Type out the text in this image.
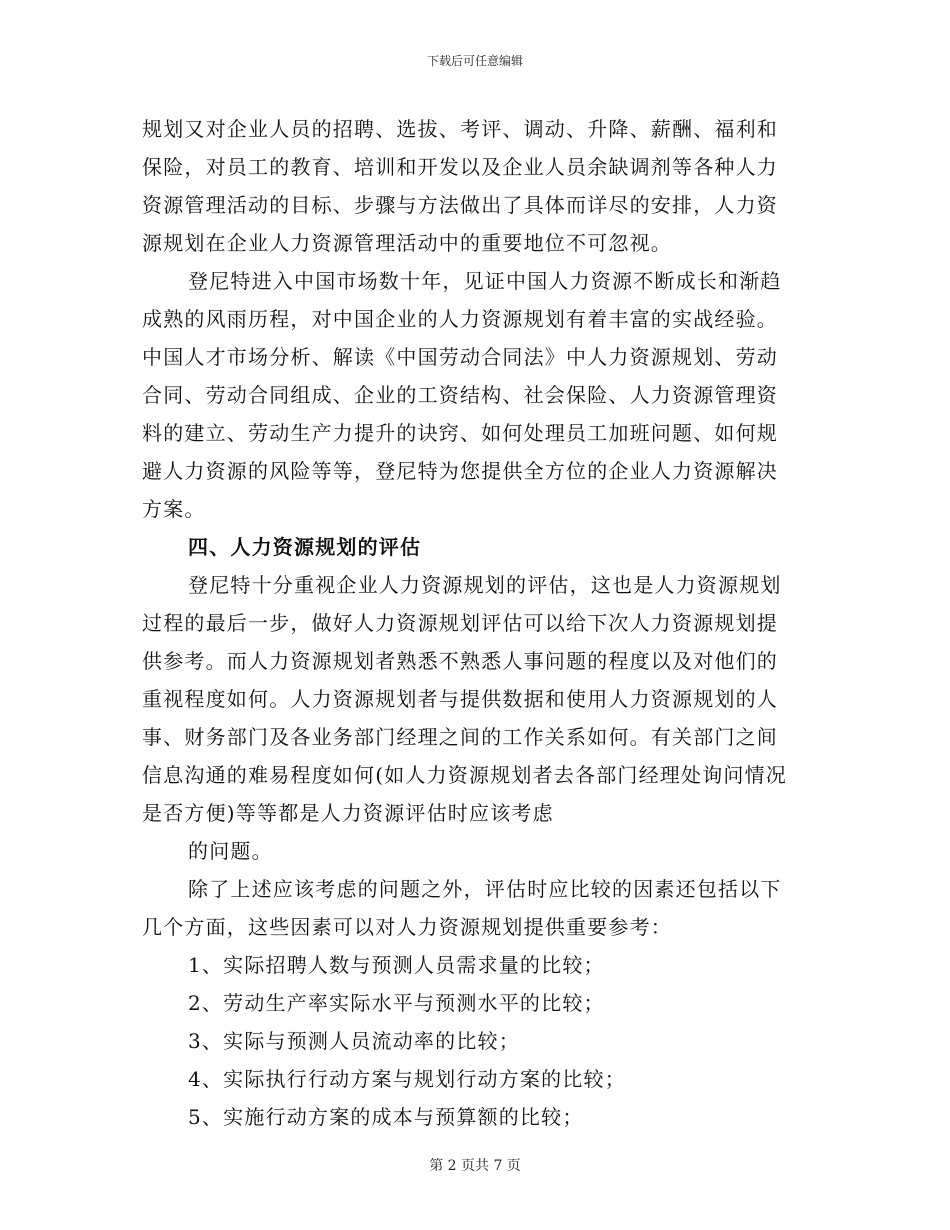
下载后可任意编辑
规划又对企业人员的招聘、选拔、考评、调动、升降、薪酬、福利和
保险，对员工的教育、培训和开发以及企业人员余缺调剂等各种人力
资源管理活动的目标、步骤与方法做出了具体而详尽的安排，人力资
源规划在企业人力资源管理活动中的重要地位不可忽视。
登尼特进入中国市场数十年，见证中国人力资源不断成长和渐趋
成熟的风雨历程，对中国企业的人力资源规划有着丰富的实战经验。
中国人才市场分析、解读《中国劳动合同法》中人力资源规划、劳动
合同、劳动合同组成、企业的工资结构、社会保险、人力资源管理资
料的建立、劳动生产力提升的诀窍、如何处理员工加班问题、如何规
避人力资源的风险等等，登尼特为您提供全方位的企业人力资源解决
方案。
四、人力资源规划的评估
登尼特十分重视企业人力资源规划的评估，这也是人力资源规划
过程的最后一步，做好人力资源规划评估可以给下次人力资源规划提
供参考。而人力资源规划者熟悉不熟悉人事问题的程度以及对他们的
重视程度如何。人力资源规划者与提供数据和使用人力资源规划的人
事、财务部门及各业务部门经理之间的工作关系如何。有关部门之间
信息沟通的难易程度如何(如人力资源规划者去各部门经理处询问情况
是否方便)等等都是人力资源评估时应该考虑
的问题。
除了上述应该考虑的问题之外，评估时应比较的因素还包括以下
几个方面，这些因素可以对人力资源规划提供重要参考：
1、实际招聘人数与预测人员需求量的比较；
2、劳动生产率实际水平与预测水平的比较；
3、实际与预测人员流动率的比较；
4、实际执行行动方案与规划行动方案的比较；
5、实施行动方案的成本与预算额的比较；
第 2 页共 7 页
